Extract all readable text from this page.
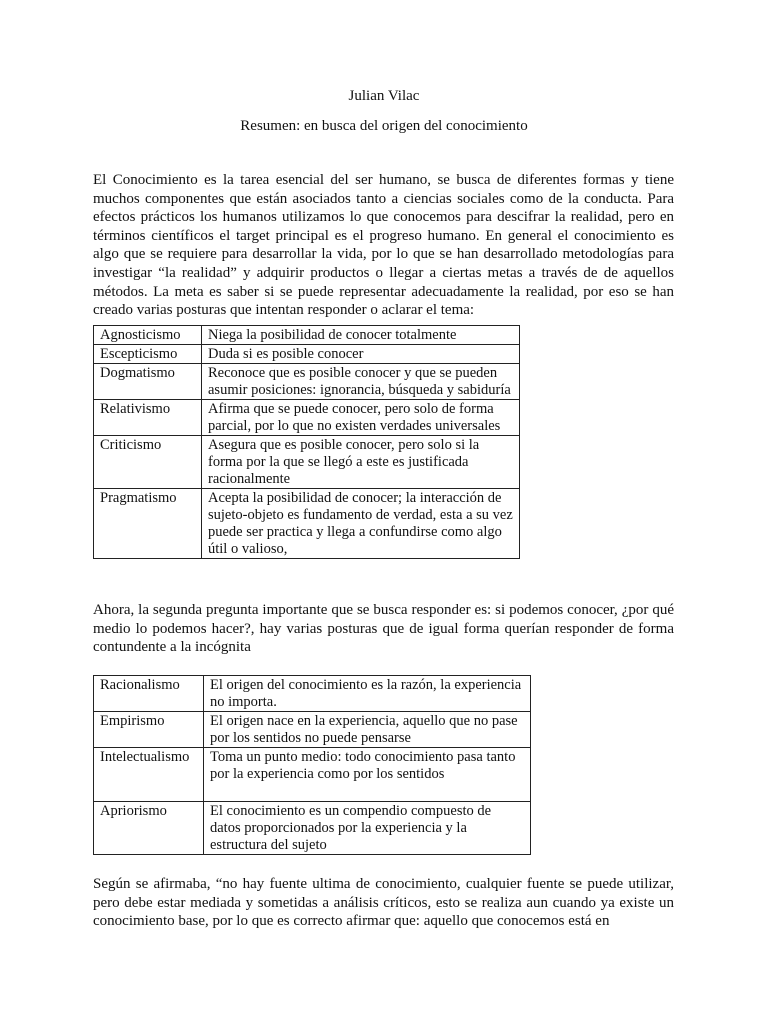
Julian Vilac
Resumen: en busca del origen del conocimiento

El Conocimiento es la tarea esencial del ser humano, se busca de diferentes formas y tiene muchos componentes que están asociados tanto a ciencias sociales como de la conducta. Para efectos prácticos los humanos utilizamos lo que conocemos para descifrar la realidad, pero en términos científicos el target principal es el progreso humano. En general el conocimiento es algo que se requiere para desarrollar la vida, por lo que se han desarrollado metodologías para investigar “la realidad” y adquirir productos o llegar a ciertas metas a través de de aquellos métodos. La meta es saber si se puede representar adecuadamente la realidad, por eso se han creado varias posturas que intentan responder o aclarar el tema:

Agnosticismo	Niega la posibilidad de conocer totalmente
Escepticismo	Duda si es posible conocer
Dogmatismo	Reconoce que es posible conocer y que se pueden asumir posiciones: ignorancia, búsqueda y sabiduría
Relativismo	Afirma que se puede conocer, pero solo de forma parcial, por lo que no existen verdades universales
Criticismo	Asegura que es posible conocer, pero solo si la forma por la que se llegó a este es justificada racionalmente
Pragmatismo	Acepta la posibilidad de conocer; la interacción de sujeto-objeto es fundamento de verdad, esta a su vez puede ser practica y llega a confundirse como algo útil o valioso,

Ahora, la segunda pregunta importante que se busca responder es: si podemos conocer, ¿por qué medio lo podemos hacer?, hay varias posturas que de igual forma querían responder de forma contundente a la incógnita

Racionalismo	El origen del conocimiento es la razón, la experiencia no importa.
Empirismo	El origen nace en la experiencia, aquello que no pase por los sentidos no puede pensarse
Intelectualismo	Toma un punto medio: todo conocimiento pasa tanto por la experiencia como por los sentidos
Apriorismo	El conocimiento es un compendio compuesto de datos proporcionados por la experiencia y la estructura del sujeto

Según se afirmaba, “no hay fuente ultima de conocimiento, cualquier fuente se puede utilizar, pero debe estar mediada y sometidas a análisis críticos, esto se realiza aun cuando ya existe un conocimiento base, por lo que es correcto afirmar que: aquello que conocemos está en
